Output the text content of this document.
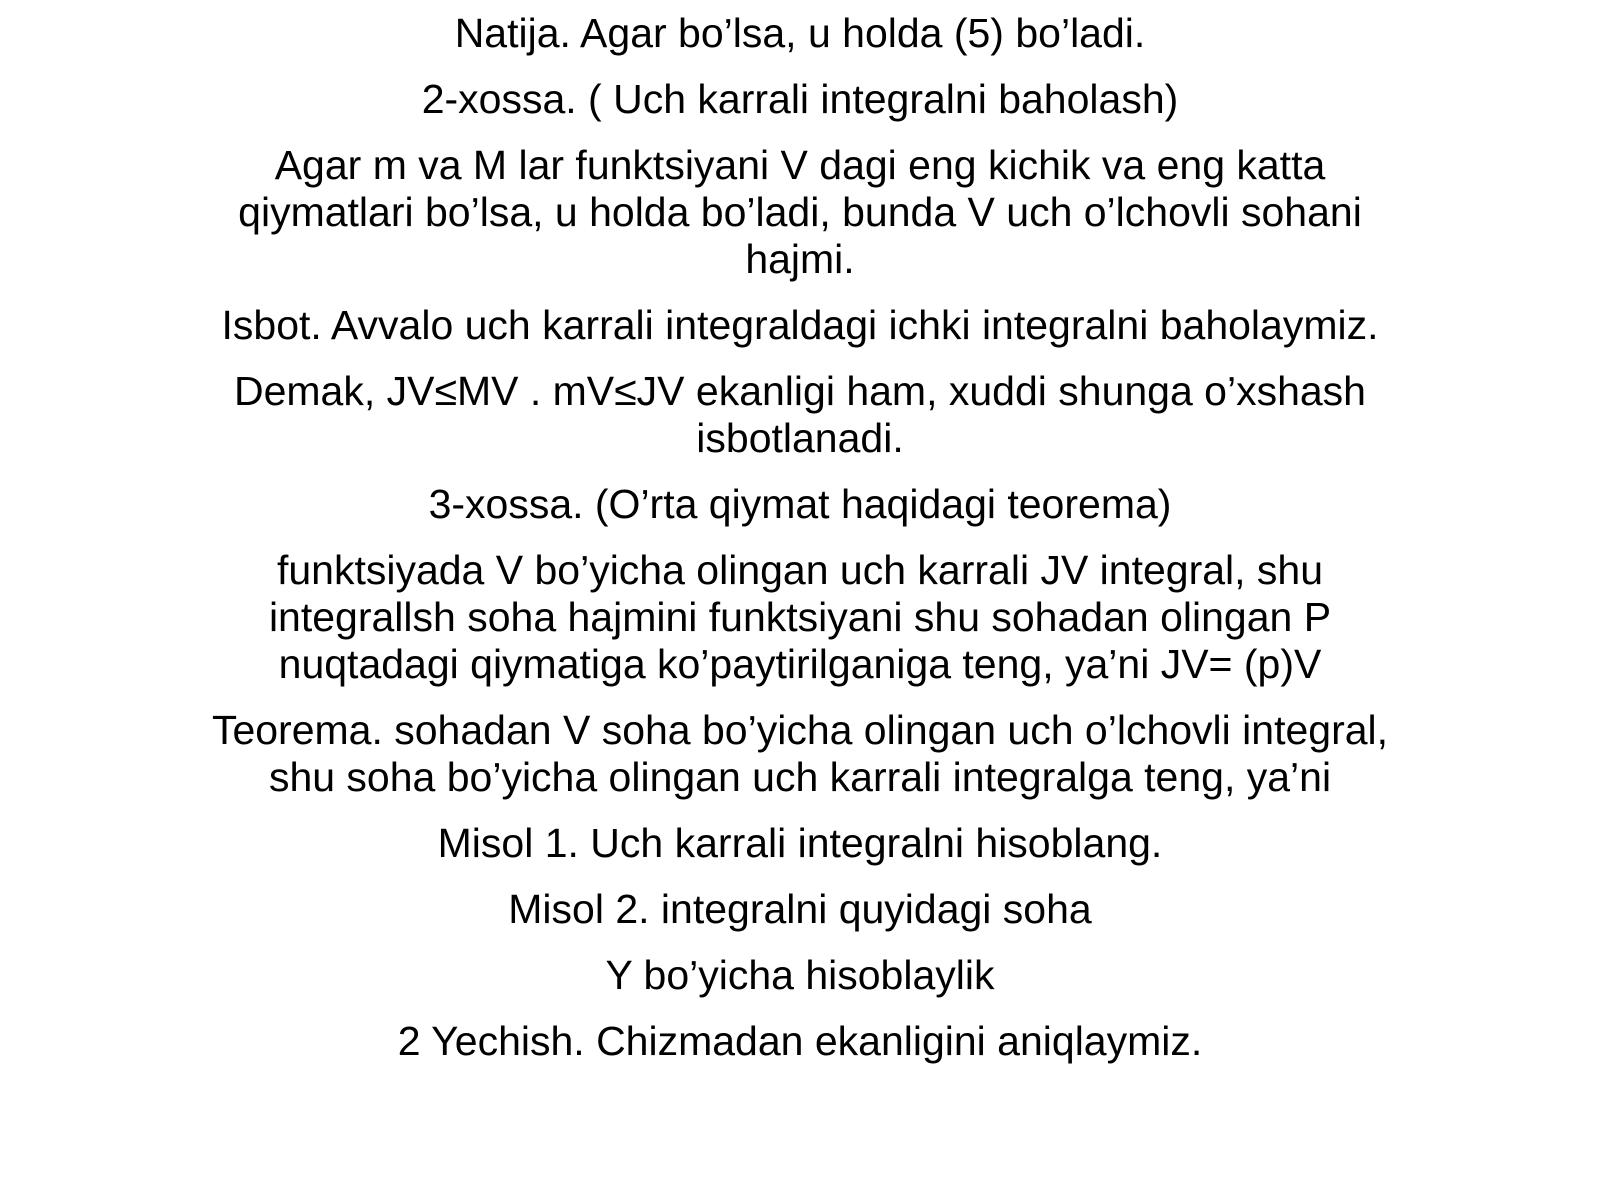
Natija. Agar bo’lsa, u holda (5) bo’ladi.

2-xossa. ( Uch karrali integralni baholash)

Agar m va M lar funktsiyani V dagi eng kichik va eng katta qiymatlari bo’lsa, u holda bo’ladi, bunda V uch o’lchovli sohani hajmi.

Isbot. Avvalo uch karrali integraldagi ichki integralni baholaymiz.

Demak, JV≤MV . mV≤JV ekanligi ham, xuddi shunga o’xshash isbotlanadi.

3-xossa. (O’rta qiymat haqidagi teorema)

funktsiyada V bo’yicha olingan uch karrali JV integral, shu integrallsh soha hajmini funktsiyani shu sohadan olingan P nuqtadagi qiymatiga ko’paytirilganiga teng, ya’ni JV= (p)V

Teorema. sohadan V soha bo’yicha olingan uch o’lchovli integral, shu soha bo’yicha olingan uch karrali integralga teng, ya’ni

Misol 1. Uch karrali integralni hisoblang.

Misol 2. integralni quyidagi soha

Y bo’yicha hisoblaylik

2 Yechish. Chizmadan ekanligini aniqlaymiz.
